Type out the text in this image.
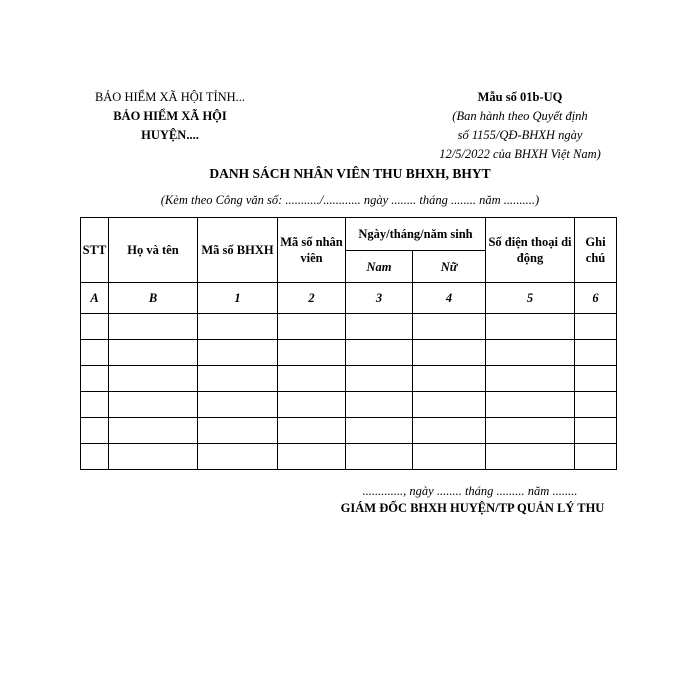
BẢO HIỂM XÃ HỘI TỈNH...
BẢO HIỂM XÃ HỘI
HUYỆN....
Mẫu số 01b-UQ
(Ban hành theo Quyết định
số 1155/QĐ-BHXH ngày
12/5/2022 của BHXH Việt Nam)
DANH SÁCH NHÂN VIÊN THU BHXH, BHYT
(Kèm theo Công văn số: .........../............ ngày ........ tháng ........ năm ..........)
STT	Họ và tên	Mã số BHXH	Mã số nhân viên	Ngày/tháng/năm sinh		Số điện thoại di động	Ghi chú
				Nam	Nữ		
A	B	1	2	3	4	5	6

............., ngày ........ tháng ......... năm ........
GIÁM ĐỐC BHXH HUYỆN/TP QUẢN LÝ THU
